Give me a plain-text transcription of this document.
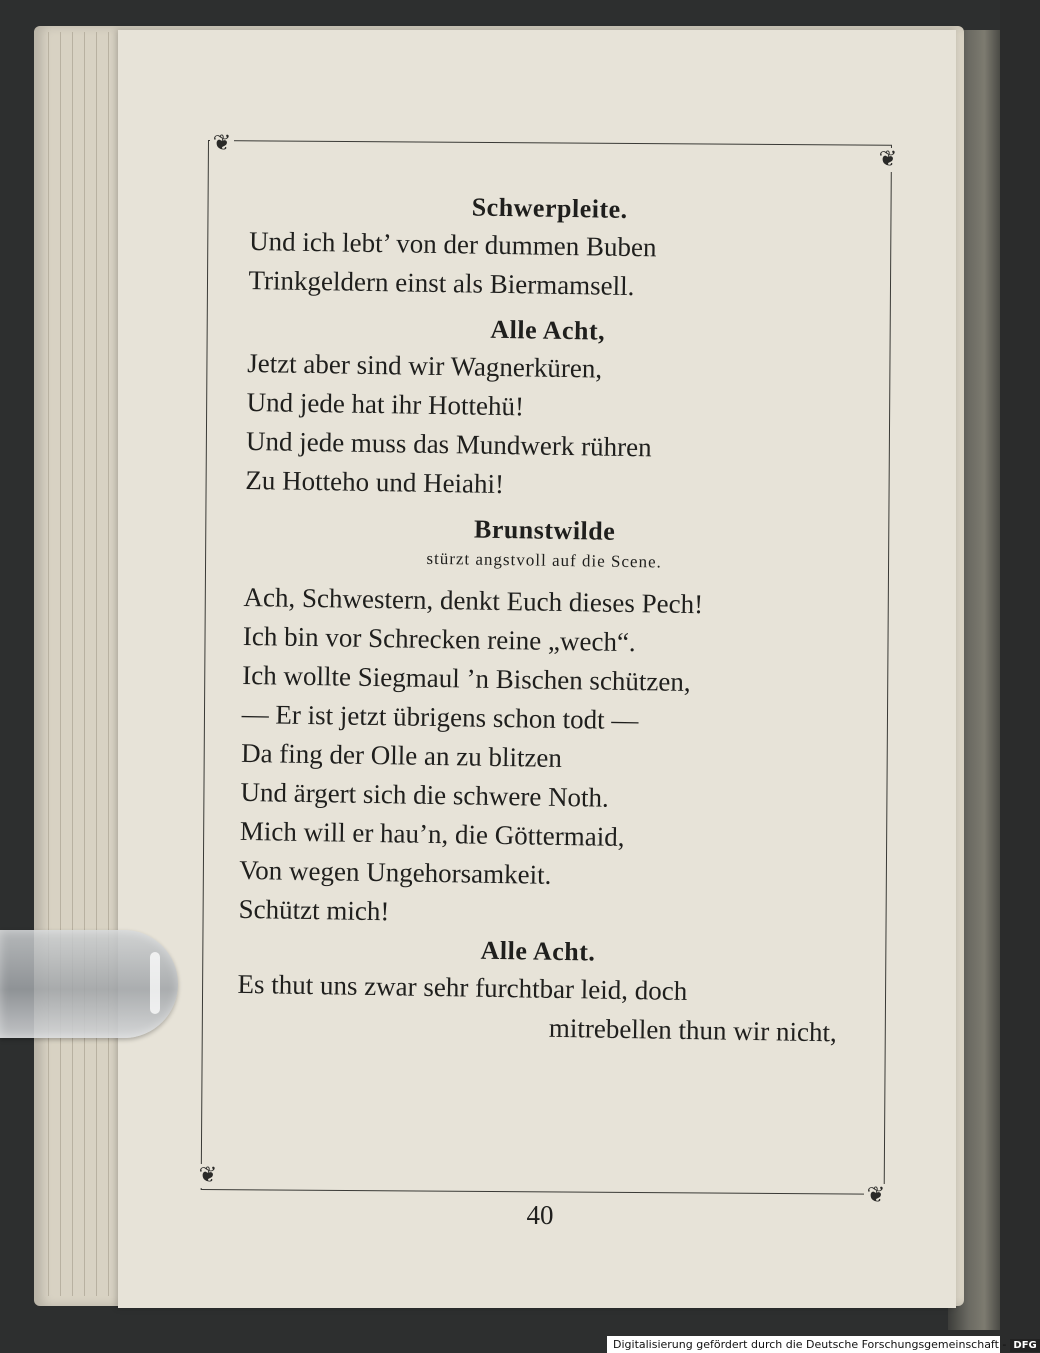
❦
❦
❦
❦
Schwerpleite.
Und ich lebt’ von der dummen Buben
Trinkgeldern einst als Biermamsell.
Alle Acht,
Jetzt aber sind wir Wagnerküren,
Und jede hat ihr Hottehü!
Und jede muss das Mundwerk rühren
Zu Hotteho und Heiahi!
Brunstwilde
stürzt angstvoll auf die Scene.
Ach, Schwestern, denkt Euch dieses Pech!
Ich bin vor Schrecken reine „wech“.
Ich wollte Siegmaul ’n Bischen schützen,
— Er ist jetzt übrigens schon todt —
Da fing der Olle an zu blitzen
Und ärgert sich die schwere Noth.
Mich will er hau’n, die Göttermaid,
Von wegen Ungehorsamkeit.
Schützt mich!
Alle Acht.
Es thut uns zwar sehr furchtbar leid, doch
mitrebellen thun wir nicht,
40
Digitalisierung gefördert durch die Deutsche Forschungsgemeinschaft - DFG
